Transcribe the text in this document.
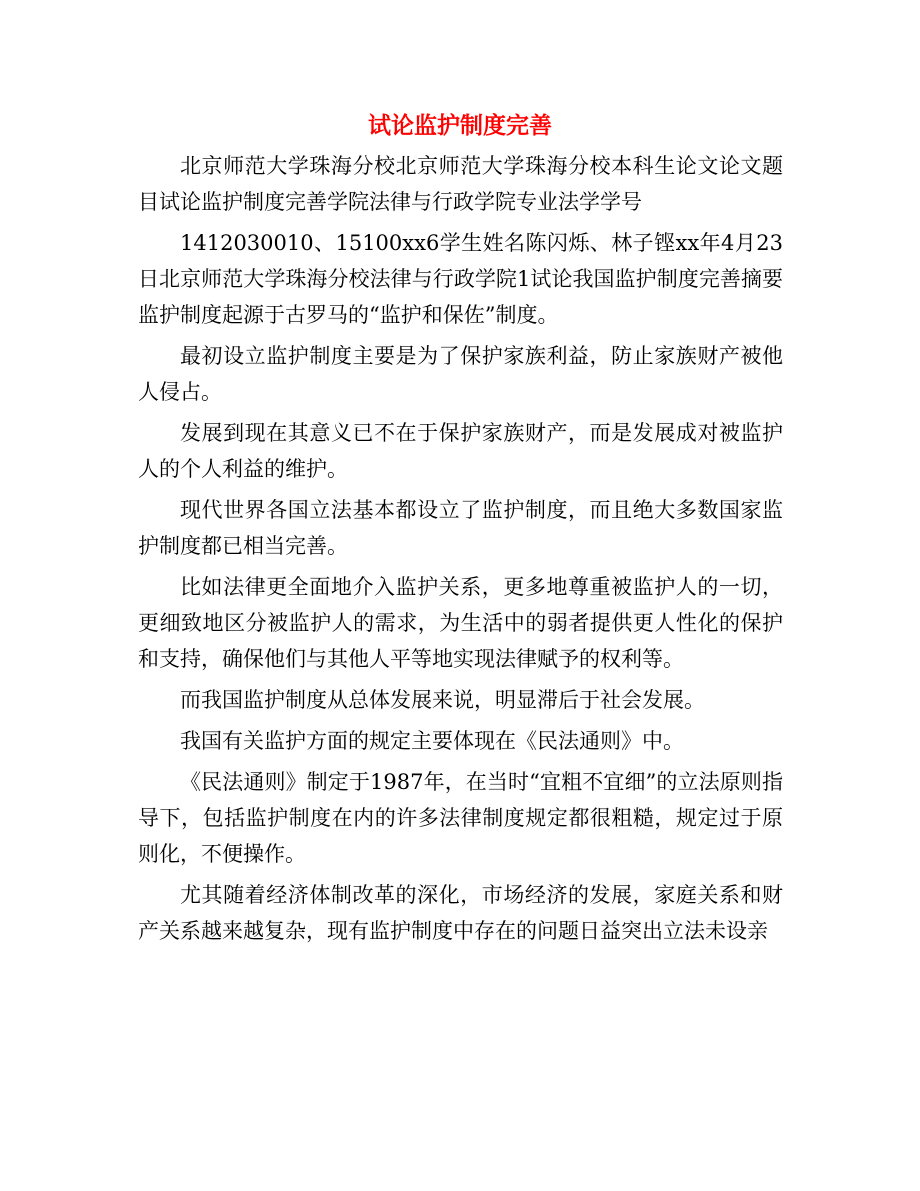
试论监护制度完善

北京师范大学珠海分校北京师范大学珠海分校本科生论文论文题目试论监护制度完善学院法律与行政学院专业法学学号

1412030010、15100xx6学生姓名陈闪烁、林子铿xx年4月23日北京师范大学珠海分校法律与行政学院1试论我国监护制度完善摘要监护制度起源于古罗马的“监护和保佐”制度。

最初设立监护制度主要是为了保护家族利益，防止家族财产被他人侵占。

发展到现在其意义已不在于保护家族财产，而是发展成对被监护人的个人利益的维护。

现代世界各国立法基本都设立了监护制度，而且绝大多数国家监护制度都已相当完善。

比如法律更全面地介入监护关系，更多地尊重被监护人的一切，更细致地区分被监护人的需求，为生活中的弱者提供更人性化的保护和支持，确保他们与其他人平等地实现法律赋予的权利等。

而我国监护制度从总体发展来说，明显滞后于社会发展。

我国有关监护方面的规定主要体现在《民法通则》中。

《民法通则》制定于1987年，在当时“宜粗不宜细”的立法原则指导下，包括监护制度在内的许多法律制度规定都很粗糙，规定过于原则化，不便操作。

尤其随着经济体制改革的深化，市场经济的发展，家庭关系和财产关系越来越复杂，现有监护制度中存在的问题日益突出立法未设亲
